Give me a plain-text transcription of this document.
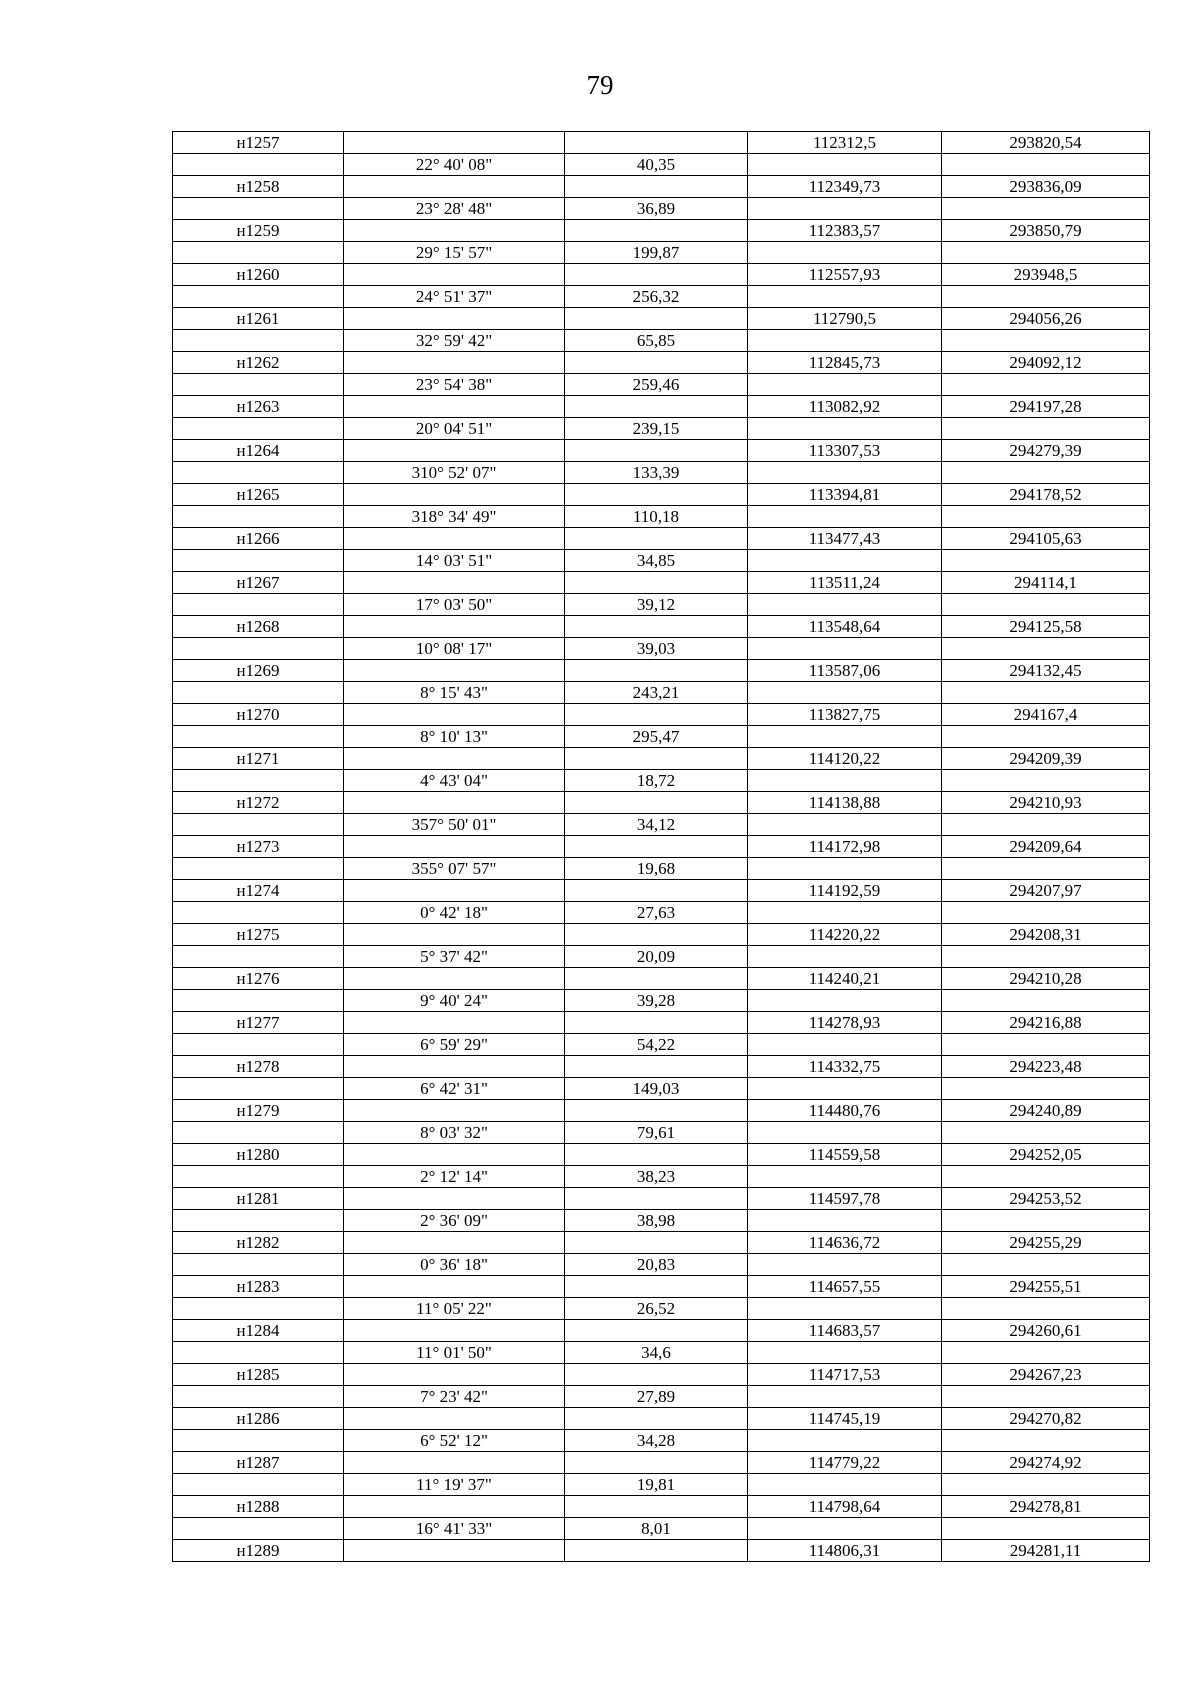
79
н1257			112312,5	293820,54
	22° 40' 08"	40,35		
н1258			112349,73	293836,09
	23° 28' 48"	36,89		
н1259			112383,57	293850,79
	29° 15' 57"	199,87		
н1260			112557,93	293948,5
	24° 51' 37"	256,32		
н1261			112790,5	294056,26
	32° 59' 42"	65,85		
н1262			112845,73	294092,12
	23° 54' 38"	259,46		
н1263			113082,92	294197,28
	20° 04' 51"	239,15		
н1264			113307,53	294279,39
	310° 52' 07"	133,39		
н1265			113394,81	294178,52
	318° 34' 49"	110,18		
н1266			113477,43	294105,63
	14° 03' 51"	34,85		
н1267			113511,24	294114,1
	17° 03' 50"	39,12		
н1268			113548,64	294125,58
	10° 08' 17"	39,03		
н1269			113587,06	294132,45
	8° 15' 43"	243,21		
н1270			113827,75	294167,4
	8° 10' 13"	295,47		
н1271			114120,22	294209,39
	4° 43' 04"	18,72		
н1272			114138,88	294210,93
	357° 50' 01"	34,12		
н1273			114172,98	294209,64
	355° 07' 57"	19,68		
н1274			114192,59	294207,97
	0° 42' 18"	27,63		
н1275			114220,22	294208,31
	5° 37' 42"	20,09		
н1276			114240,21	294210,28
	9° 40' 24"	39,28		
н1277			114278,93	294216,88
	6° 59' 29"	54,22		
н1278			114332,75	294223,48
	6° 42' 31"	149,03		
н1279			114480,76	294240,89
	8° 03' 32"	79,61		
н1280			114559,58	294252,05
	2° 12' 14"	38,23		
н1281			114597,78	294253,52
	2° 36' 09"	38,98		
н1282			114636,72	294255,29
	0° 36' 18"	20,83		
н1283			114657,55	294255,51
	11° 05' 22"	26,52		
н1284			114683,57	294260,61
	11° 01' 50"	34,6		
н1285			114717,53	294267,23
	7° 23' 42"	27,89		
н1286			114745,19	294270,82
	6° 52' 12"	34,28		
н1287			114779,22	294274,92
	11° 19' 37"	19,81		
н1288			114798,64	294278,81
	16° 41' 33"	8,01		
н1289			114806,31	294281,11
